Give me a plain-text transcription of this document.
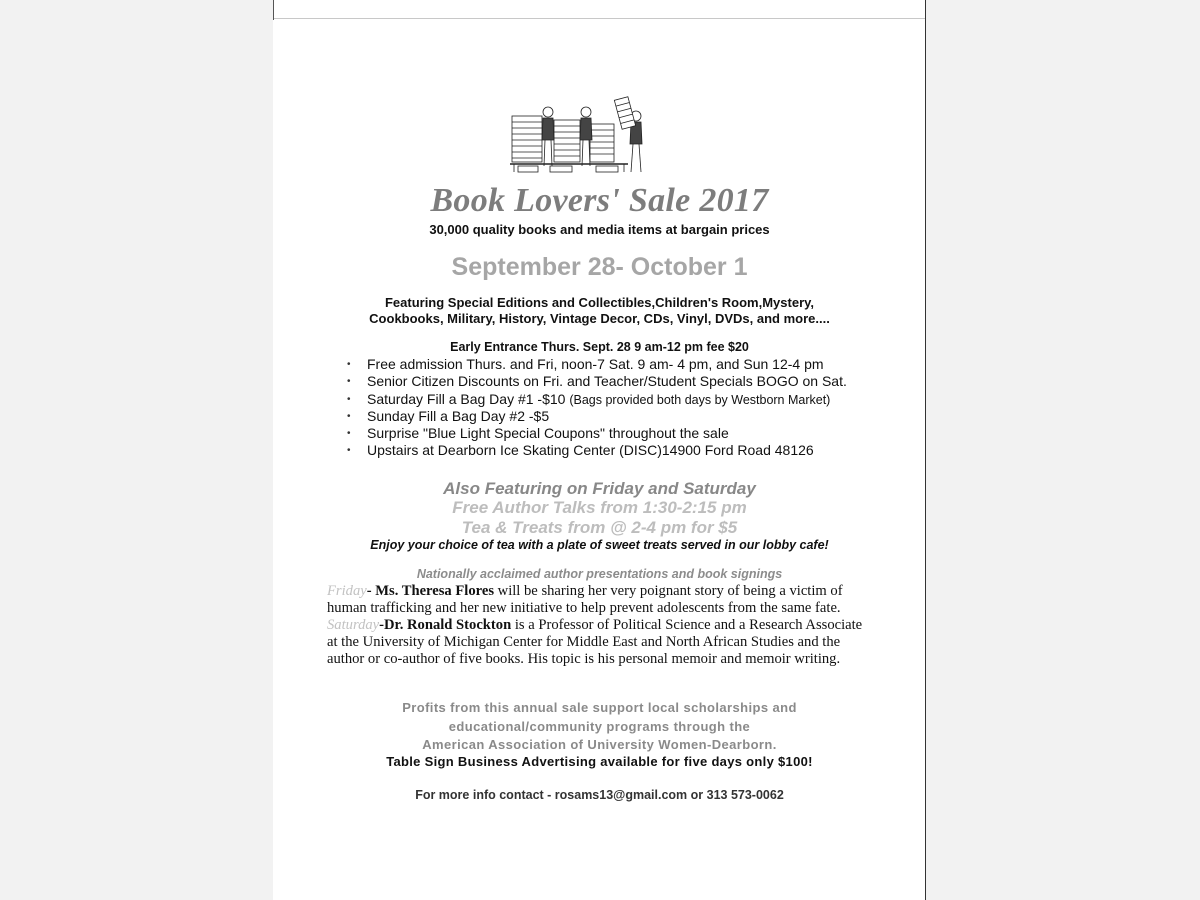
Book Lovers' Sale 2017
30,000 quality books and media items at bargain prices
September 28- October 1
Featuring Special Editions and Collectibles,Children's Room,Mystery,
Cookbooks, Military, History, Vintage Decor, CDs, Vinyl, DVDs, and more....
Early Entrance Thurs. Sept. 28 9 am-12 pm fee $20
• Free admission Thurs. and Fri, noon-7 Sat. 9 am- 4 pm, and Sun 12-4 pm
• Senior Citizen Discounts on Fri. and Teacher/Student Specials BOGO on Sat.
• Saturday Fill a Bag Day #1 -$10 (Bags provided both days by Westborn Market)
• Sunday Fill a Bag Day #2 -$5
• Surprise "Blue Light Special Coupons" throughout the sale
• Upstairs at Dearborn Ice Skating Center (DISC)14900 Ford Road 48126
Also Featuring on Friday and Saturday
Free Author Talks from 1:30-2:15 pm
Tea & Treats from @ 2-4 pm for $5
Enjoy your choice of tea with a plate of sweet treats served in our lobby cafe!
Nationally acclaimed author presentations and book signings
Friday- Ms. Theresa Flores will be sharing her very poignant story of being a victim of human trafficking and her new initiative to help prevent adolescents from the same fate.
Saturday-Dr. Ronald Stockton is a Professor of Political Science and a Research Associate at the University of Michigan Center for Middle East and North African Studies and the author or co-author of five books. His topic is his personal memoir and memoir writing.
Profits from this annual sale support local scholarships and
educational/community programs through the
American Association of University Women-Dearborn.
Table Sign Business Advertising available for five days only $100!
For more info contact - rosams13@gmail.com or 313 573-0062
